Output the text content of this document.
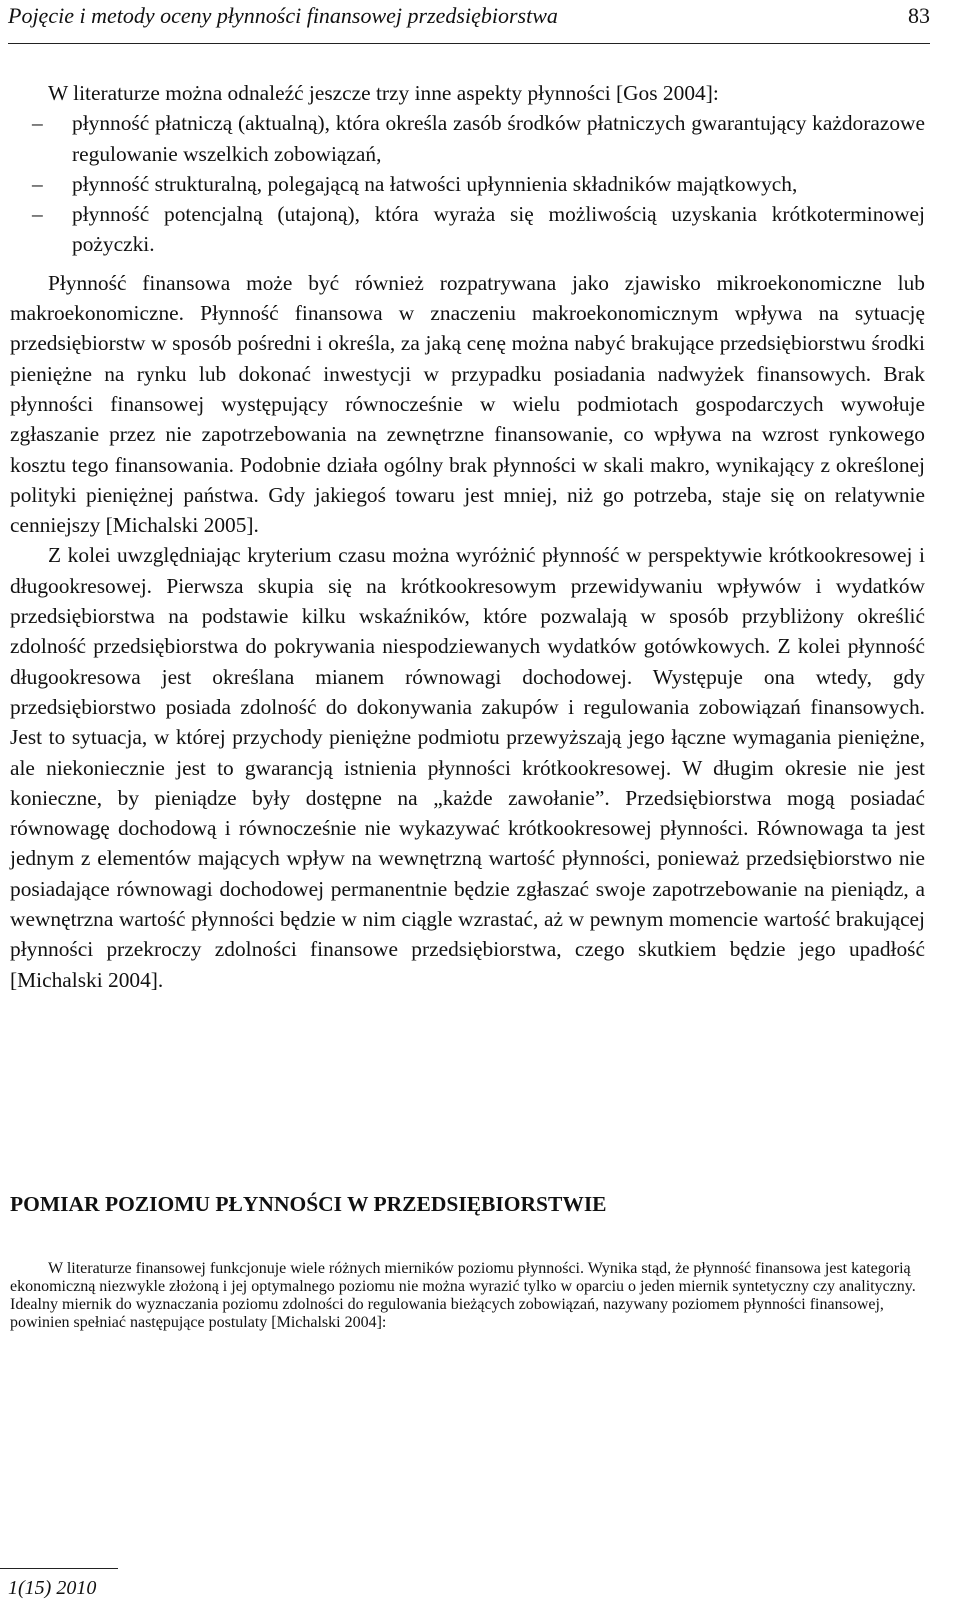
Pojęcie i metody oceny płynności finansowej przedsiębiorstwa	83

W literaturze można odnaleźć jeszcze trzy inne aspekty płynności [Gos 2004]:

– płynność płatniczą (aktualną), która określa zasób środków płatniczych gwarantujący każdorazowe regulowanie wszelkich zobowiązań,
– płynność strukturalną, polegającą na łatwości upłynnienia składników majątkowych,
– płynność potencjalną (utajoną), która wyraża się możliwością uzyskania krótkoterminowej pożyczki.

Płynność finansowa może być również rozpatrywana jako zjawisko mikroekonomiczne lub makroekonomiczne. Płynność finansowa w znaczeniu makroekonomicznym wpływa na sytuację przedsiębiorstw w sposób pośredni i określa, za jaką cenę można nabyć brakujące przedsiębiorstwu środki pieniężne na rynku lub dokonać inwestycji w przypadku posiadania nadwyżek finansowych. Brak płynności finansowej występujący równocześnie w wielu podmiotach gospodarczych wywołuje zgłaszanie przez nie zapotrzebowania na zewnętrzne finansowanie, co wpływa na wzrost rynkowego kosztu tego finansowania. Podobnie działa ogólny brak płynności w skali makro, wynikający z określonej polityki pieniężnej państwa. Gdy jakiegoś towaru jest mniej, niż go potrzeba, staje się on relatywnie cenniejszy [Michalski 2005].

Z kolei uwzględniając kryterium czasu można wyróżnić płynność w perspektywie krótkookresowej i długookresowej. Pierwsza skupia się na krótkookresowym przewidywaniu wpływów i wydatków przedsiębiorstwa na podstawie kilku wskaźników, które pozwalają w sposób przybliżony określić zdolność przedsiębiorstwa do pokrywania niespodziewanych wydatków gotówkowych. Z kolei płynność długookresowa jest określana mianem równowagi dochodowej. Występuje ona wtedy, gdy przedsiębiorstwo posiada zdolność do dokonywania zakupów i regulowania zobowiązań finansowych. Jest to sytuacja, w której przychody pieniężne podmiotu przewyższają jego łączne wymagania pieniężne, ale niekoniecznie jest to gwarancją istnienia płynności krótkookresowej. W długim okresie nie jest konieczne, by pieniądze były dostępne na „każde zawołanie”. Przedsiębiorstwa mogą posiadać równowagę dochodową i równocześnie nie wykazywać krótkookresowej płynności. Równowaga ta jest jednym z elementów mających wpływ na wewnętrzną wartość płynności, ponieważ przedsiębiorstwo nie posiadające równowagi dochodowej permanentnie będzie zgłaszać swoje zapotrzebowanie na pieniądz, a wewnętrzna wartość płynności będzie w nim ciągle wzrastać, aż w pewnym momencie wartość brakującej płynności przekroczy zdolności finansowe przedsiębiorstwa, czego skutkiem będzie jego upadłość [Michalski 2004].

POMIAR POZIOMU PŁYNNOŚCI W PRZEDSIĘBIORSTWIE

W literaturze finansowej funkcjonuje wiele różnych mierników poziomu płynności. Wynika stąd, że płynność finansowa jest kategorią ekonomiczną niezwykle złożoną i jej optymalnego poziomu nie można wyrazić tylko w oparciu o jeden miernik syntetyczny czy analityczny. Idealny miernik do wyznaczania poziomu zdolności do regulowania bieżących zobowiązań, nazywany poziomem płynności finansowej, powinien spełniać następujące postulaty [Michalski 2004]:

1(15) 2010
